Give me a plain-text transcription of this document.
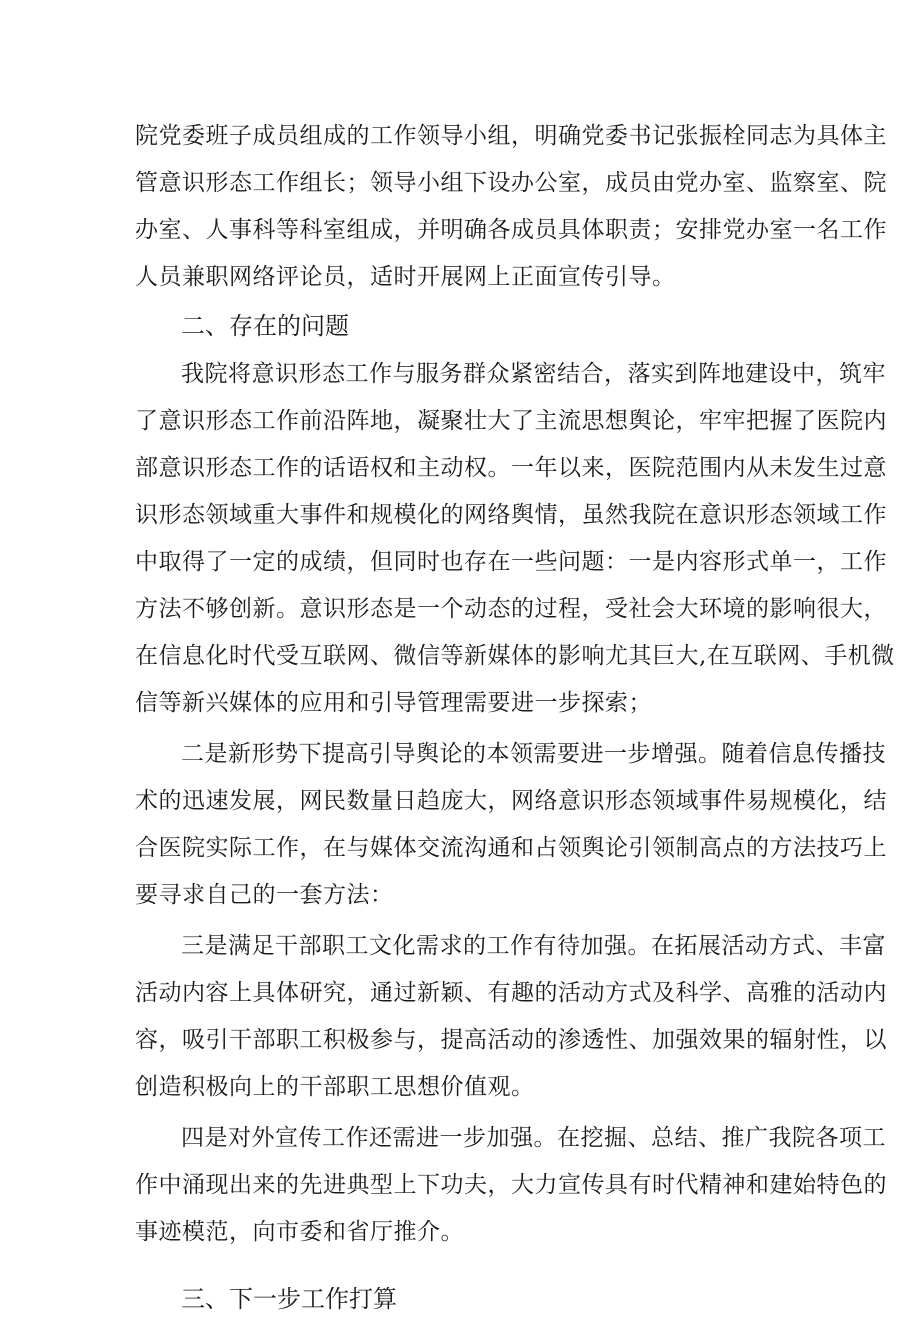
院党委班子成员组成的工作领导小组，明确党委书记张振栓同志为具体主
管意识形态工作组长；领导小组下设办公室，成员由党办室、监察室、院
办室、人事科等科室组成，并明确各成员具体职责；安排党办室一名工作
人员兼职网络评论员，适时开展网上正面宣传引导。
二、存在的问题
我院将意识形态工作与服务群众紧密结合，落实到阵地建设中，筑牢
了意识形态工作前沿阵地，凝聚壮大了主流思想舆论，牢牢把握了医院内
部意识形态工作的话语权和主动权。一年以来，医院范围内从未发生过意
识形态领域重大事件和规模化的网络舆情，虽然我院在意识形态领域工作
中取得了一定的成绩，但同时也存在一些问题：一是内容形式单一，工作
方法不够创新。意识形态是一个动态的过程，受社会大环境的影响很大，
在信息化时代受互联网、微信等新媒体的影响尤其巨大,在互联网、手机微
信等新兴媒体的应用和引导管理需要进一步探索；
二是新形势下提高引导舆论的本领需要进一步增强。随着信息传播技
术的迅速发展，网民数量日趋庞大，网络意识形态领域事件易规模化，结
合医院实际工作，在与媒体交流沟通和占领舆论引领制高点的方法技巧上
要寻求自己的一套方法：
三是满足干部职工文化需求的工作有待加强。在拓展活动方式、丰富
活动内容上具体研究，通过新颖、有趣的活动方式及科学、高雅的活动内
容，吸引干部职工积极参与，提高活动的渗透性、加强效果的辐射性，以
创造积极向上的干部职工思想价值观。
四是对外宣传工作还需进一步加强。在挖掘、总结、推广我院各项工
作中涌现出来的先进典型上下功夫，大力宣传具有时代精神和建始特色的
事迹模范，向市委和省厅推介。
三、下一步工作打算
